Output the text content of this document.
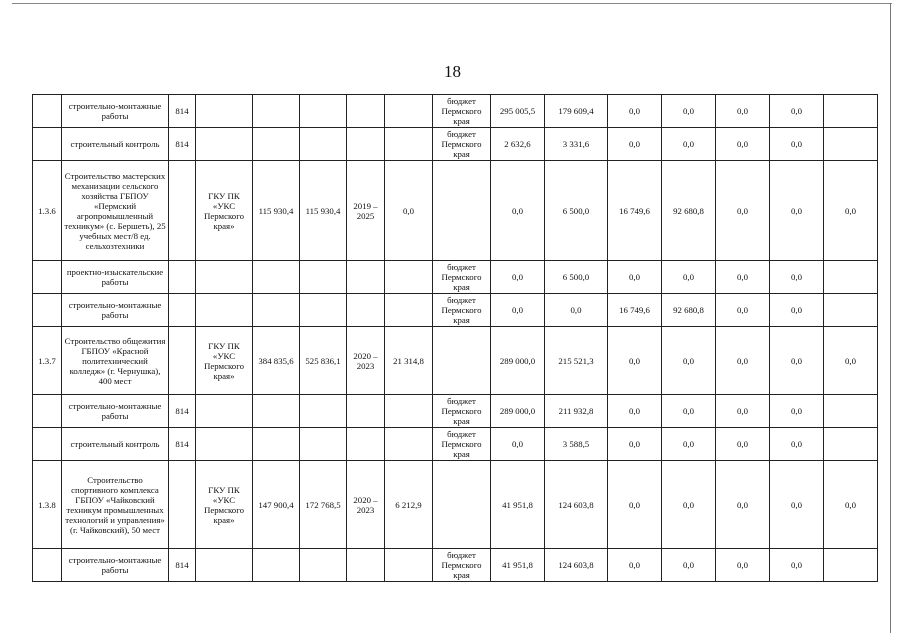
18
	строительно-монтажные работы	814						бюджет Пермского края	295 005,5	179 609,4	0,0	0,0	0,0	0,0	
	строительный контроль	814						бюджет Пермского края	2 632,6	3 331,6	0,0	0,0	0,0	0,0	
1.3.6	Строительство мастерских механизации сельского хозяйства ГБПОУ «Пермский агропромышленный техникум» (с. Бершеть), 25 учебных мест/8 ед. сельхозтехники		ГКУ ПК «УКС Пермского края»	115 930,4	115 930,4	2019 – 2025	0,0		0,0	6 500,0	16 749,6	92 680,8	0,0	0,0	0,0
	проектно-изыскательские работы							бюджет Пермского края	0,0	6 500,0	0,0	0,0	0,0	0,0	
	строительно-монтажные работы							бюджет Пермского края	0,0	0,0	16 749,6	92 680,8	0,0	0,0	
1.3.7	Строительство общежития ГБПОУ «Красной политехнический колледж» (г. Чернушка), 400 мест		ГКУ ПК «УКС Пермского края»	384 835,6	525 836,1	2020 – 2023	21 314,8		289 000,0	215 521,3	0,0	0,0	0,0	0,0	0,0
	строительно-монтажные работы	814						бюджет Пермского края	289 000,0	211 932,8	0,0	0,0	0,0	0,0	
	строительный контроль	814						бюджет Пермского края	0,0	3 588,5	0,0	0,0	0,0	0,0	
1.3.8	Строительство спортивного комплекса ГБПОУ «Чайковский техникум промышленных технологий и управления» (г. Чайковский), 50 мест		ГКУ ПК «УКС Пермского края»	147 900,4	172 768,5	2020 – 2023	6 212,9		41 951,8	124 603,8	0,0	0,0	0,0	0,0	0,0
	строительно-монтажные работы	814						бюджет Пермского края	41 951,8	124 603,8	0,0	0,0	0,0	0,0	
